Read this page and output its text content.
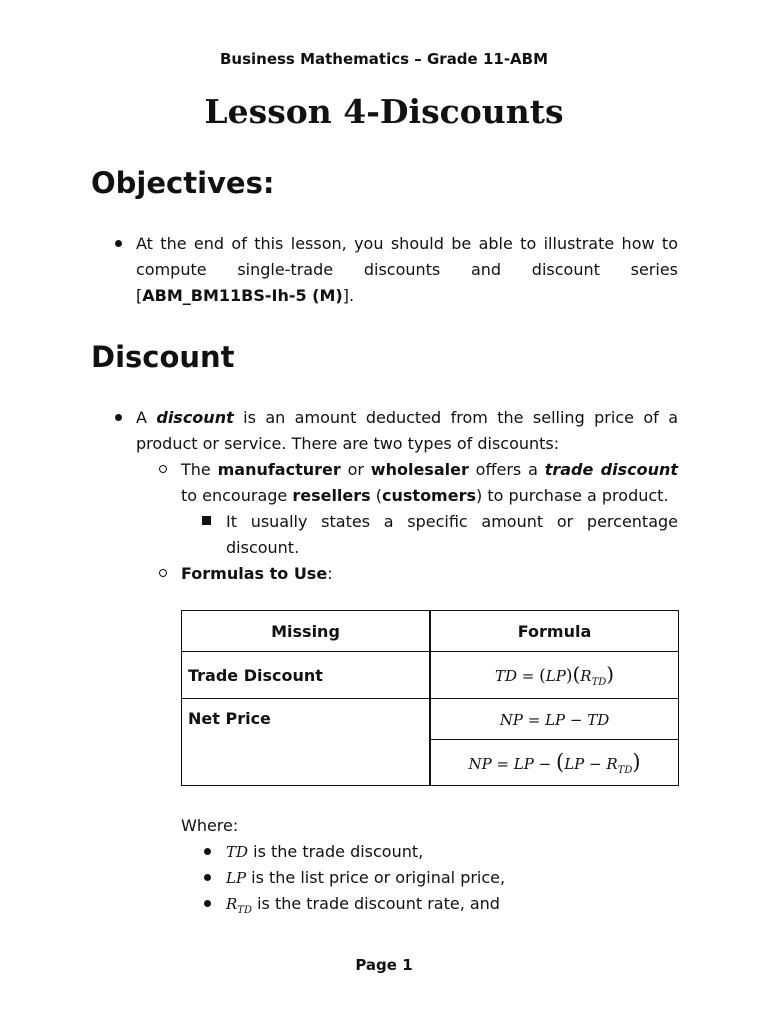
Business Mathematics – Grade 11-ABM
Lesson 4-Discounts
Objectives:
At the end of this lesson, you should be able to illustrate how to compute single-trade discounts and discount series [ABM_BM11BS-Ih-5 (M)].
Discount
A discount is an amount deducted from the selling price of a product or service. There are two types of discounts:
The manufacturer or wholesaler offers a trade discount to encourage resellers (customers) to purchase a product.
It usually states a specific amount or percentage discount.
Formulas to Use:
Missing	Formula
Trade Discount	TD = $(LP)(R_{TD})$
Net Price	NP = LP − TD
	NP = LP − $(LP - R_{TD})$
Where:
TD is the trade discount,
LP is the list price or original price,
$R_{TD}$ is the trade discount rate, and
Page 1
